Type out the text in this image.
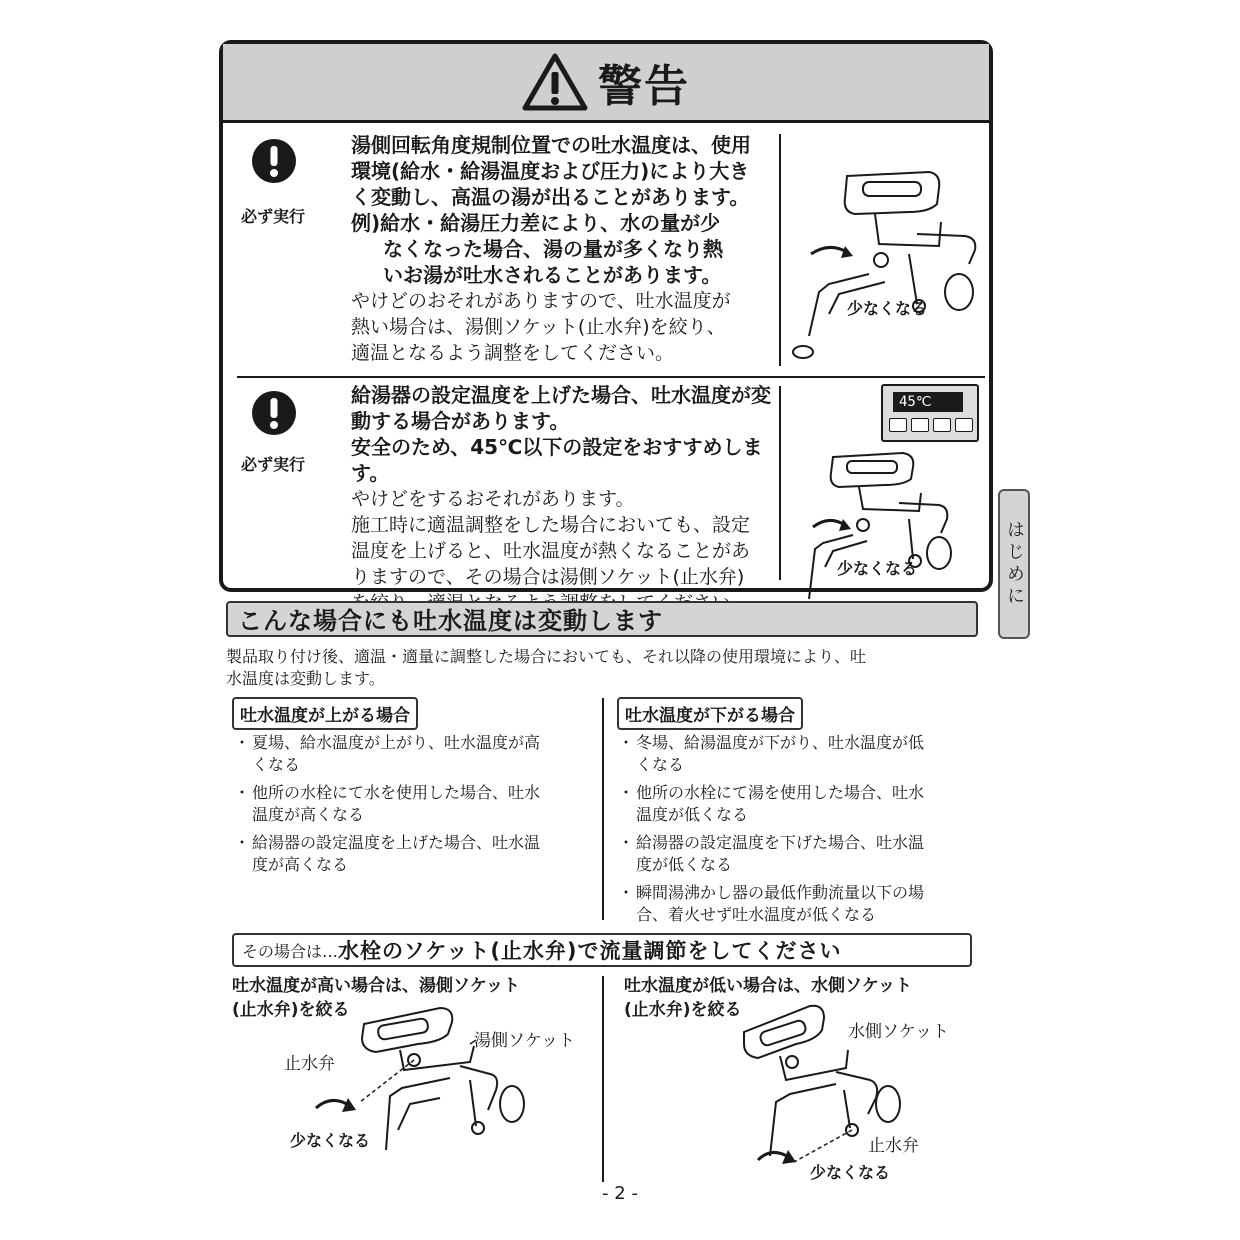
警告
必ず実行
湯側回転角度規制位置での吐水温度は、使用
環境(給水・給湯温度および圧力)により大き
く変動し、高温の湯が出ることがあります。
例)給水・給湯圧力差により、水の量が少
なくなった場合、湯の量が多くなり熱
いお湯が吐水されることがあります。
やけどのおそれがありますので、吐水温度が
熱い場合は、湯側ソケット(止水弁)を絞り、
適温となるよう調整をしてください。
少なくなる
必ず実行
給湯器の設定温度を上げた場合、吐水温度が変
動する場合があります。
安全のため、45℃以下の設定をおすすめします。
やけどをするおそれがあります。
施工時に適温調整をした場合においても、設定
温度を上げると、吐水温度が熱くなることがあ
りますので、その場合は湯側ソケット(止水弁)
45℃
少なくなる	はじめに
こんな場合にも吐水温度は変動します
製品取り付け後、適温・適量に調整した場合においても、それ以降の使用環境により、吐
水温度は変動します。
吐水温度が上がる場合	吐水温度が下がる場合
・ 夏場、給水温度が上がり、吐水温度が高
くなる
・ 他所の水栓にて水を使用した場合、吐水
温度が高くなる
・ 給湯器の設定温度を上げた場合、吐水温
度が高くなる
・ 冬場、給湯温度が下がり、吐水温度が低
くなる
・ 他所の水栓にて湯を使用した場合、吐水
温度が低くなる
・ 給湯器の設定温度を下げた場合、吐水温
度が低くなる
・ 瞬間湯沸かし器の最低作動流量以下の場
合、着火せず吐水温度が低くなる
その場合は… 水栓のソケット(止水弁)で流量調節をしてください
吐水温度が高い場合は、湯側ソケット
(止水弁)を絞る
湯側ソケット
止水弁
少なくなる
吐水温度が低い場合は、水側ソケット
(止水弁)を絞る
水側ソケット
止水弁
少なくなる
- 2 -
